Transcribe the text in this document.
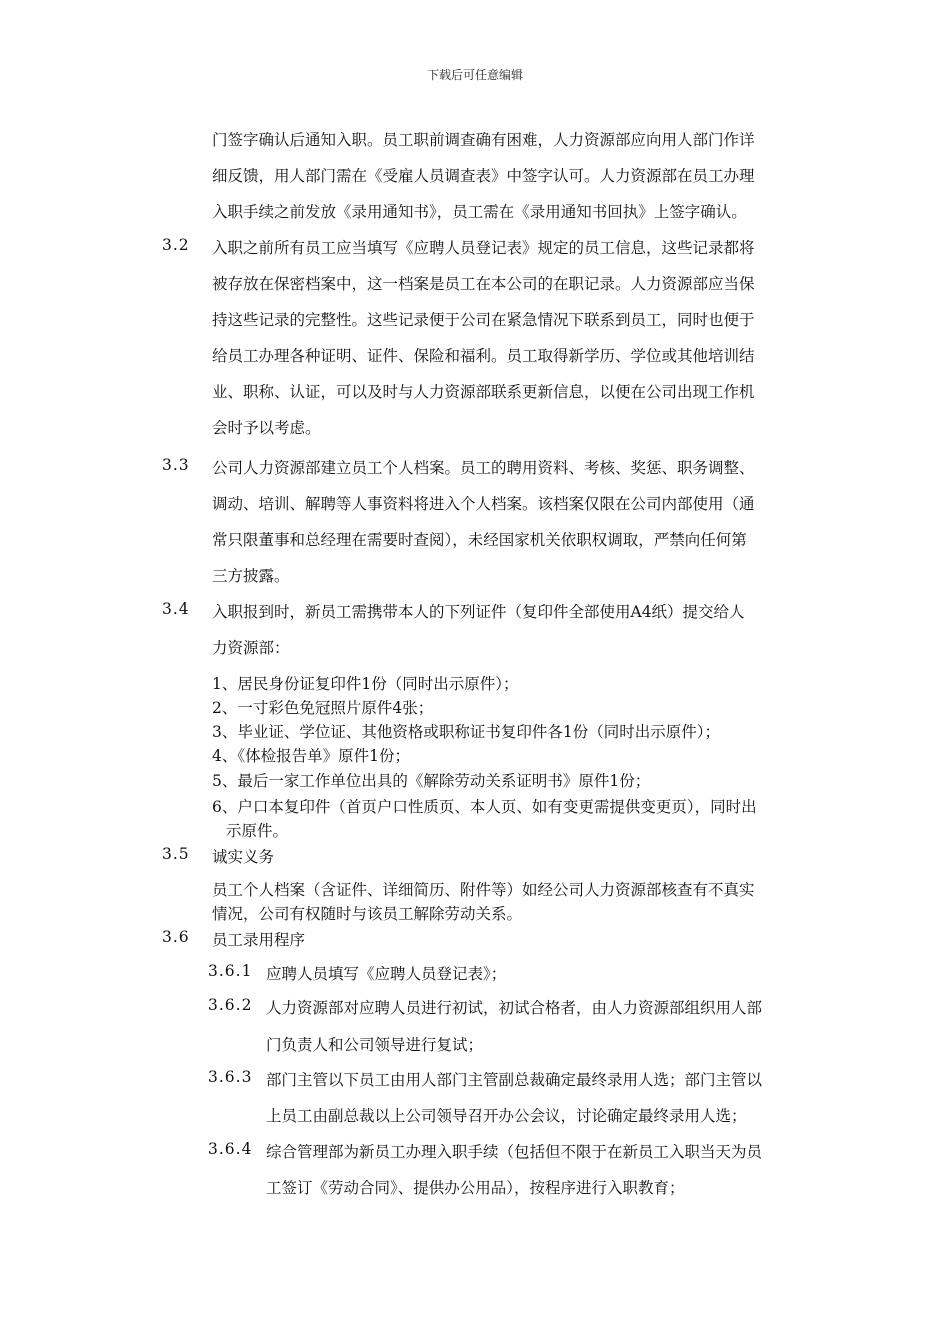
下载后可任意编辑
门签字确认后通知入职。员工职前调查确有困难，人力资源部应向用人部门作详
细反馈，用人部门需在《受雇人员调查表》中签字认可。人力资源部在员工办理
入职手续之前发放《录用通知书》，员工需在《录用通知书回执》上签字确认。
3.2 入职之前所有员工应当填写《应聘人员登记表》规定的员工信息，这些记录都将
被存放在保密档案中，这一档案是员工在本公司的在职记录。人力资源部应当保
持这些记录的完整性。这些记录便于公司在紧急情况下联系到员工，同时也便于
给员工办理各种证明、证件、保险和福利。员工取得新学历、学位或其他培训结
业、职称、认证，可以及时与人力资源部联系更新信息，以便在公司出现工作机
会时予以考虑。
3.3 公司人力资源部建立员工个人档案。员工的聘用资料、考核、奖惩、职务调整、
调动、培训、解聘等人事资料将进入个人档案。该档案仅限在公司内部使用（通
常只限董事和总经理在需要时查阅），未经国家机关依职权调取，严禁向任何第
三方披露。
3.4 入职报到时，新员工需携带本人的下列证件（复印件全部使用A4纸）提交给人
力资源部：
1、居民身份证复印件1份（同时出示原件）；
2、一寸彩色免冠照片原件4张；
3、毕业证、学位证、其他资格或职称证书复印件各1份（同时出示原件）；
4、《体检报告单》原件1份；
5、最后一家工作单位出具的《解除劳动关系证明书》原件1份；
6、户口本复印件（首页户口性质页、本人页、如有变更需提供变更页），同时出
示原件。
3.5 诚实义务
员工个人档案（含证件、详细简历、附件等）如经公司人力资源部核查有不真实
情况，公司有权随时与该员工解除劳动关系。
3.6 员工录用程序
3.6.1 应聘人员填写《应聘人员登记表》；
3.6.2 人力资源部对应聘人员进行初试，初试合格者，由人力资源部组织用人部
门负责人和公司领导进行复试；
3.6.3 部门主管以下员工由用人部门主管副总裁确定最终录用人选；部门主管以
上员工由副总裁以上公司领导召开办公会议，讨论确定最终录用人选；
3.6.4 综合管理部为新员工办理入职手续（包括但不限于在新员工入职当天为员
工签订《劳动合同》、提供办公用品），按程序进行入职教育；
